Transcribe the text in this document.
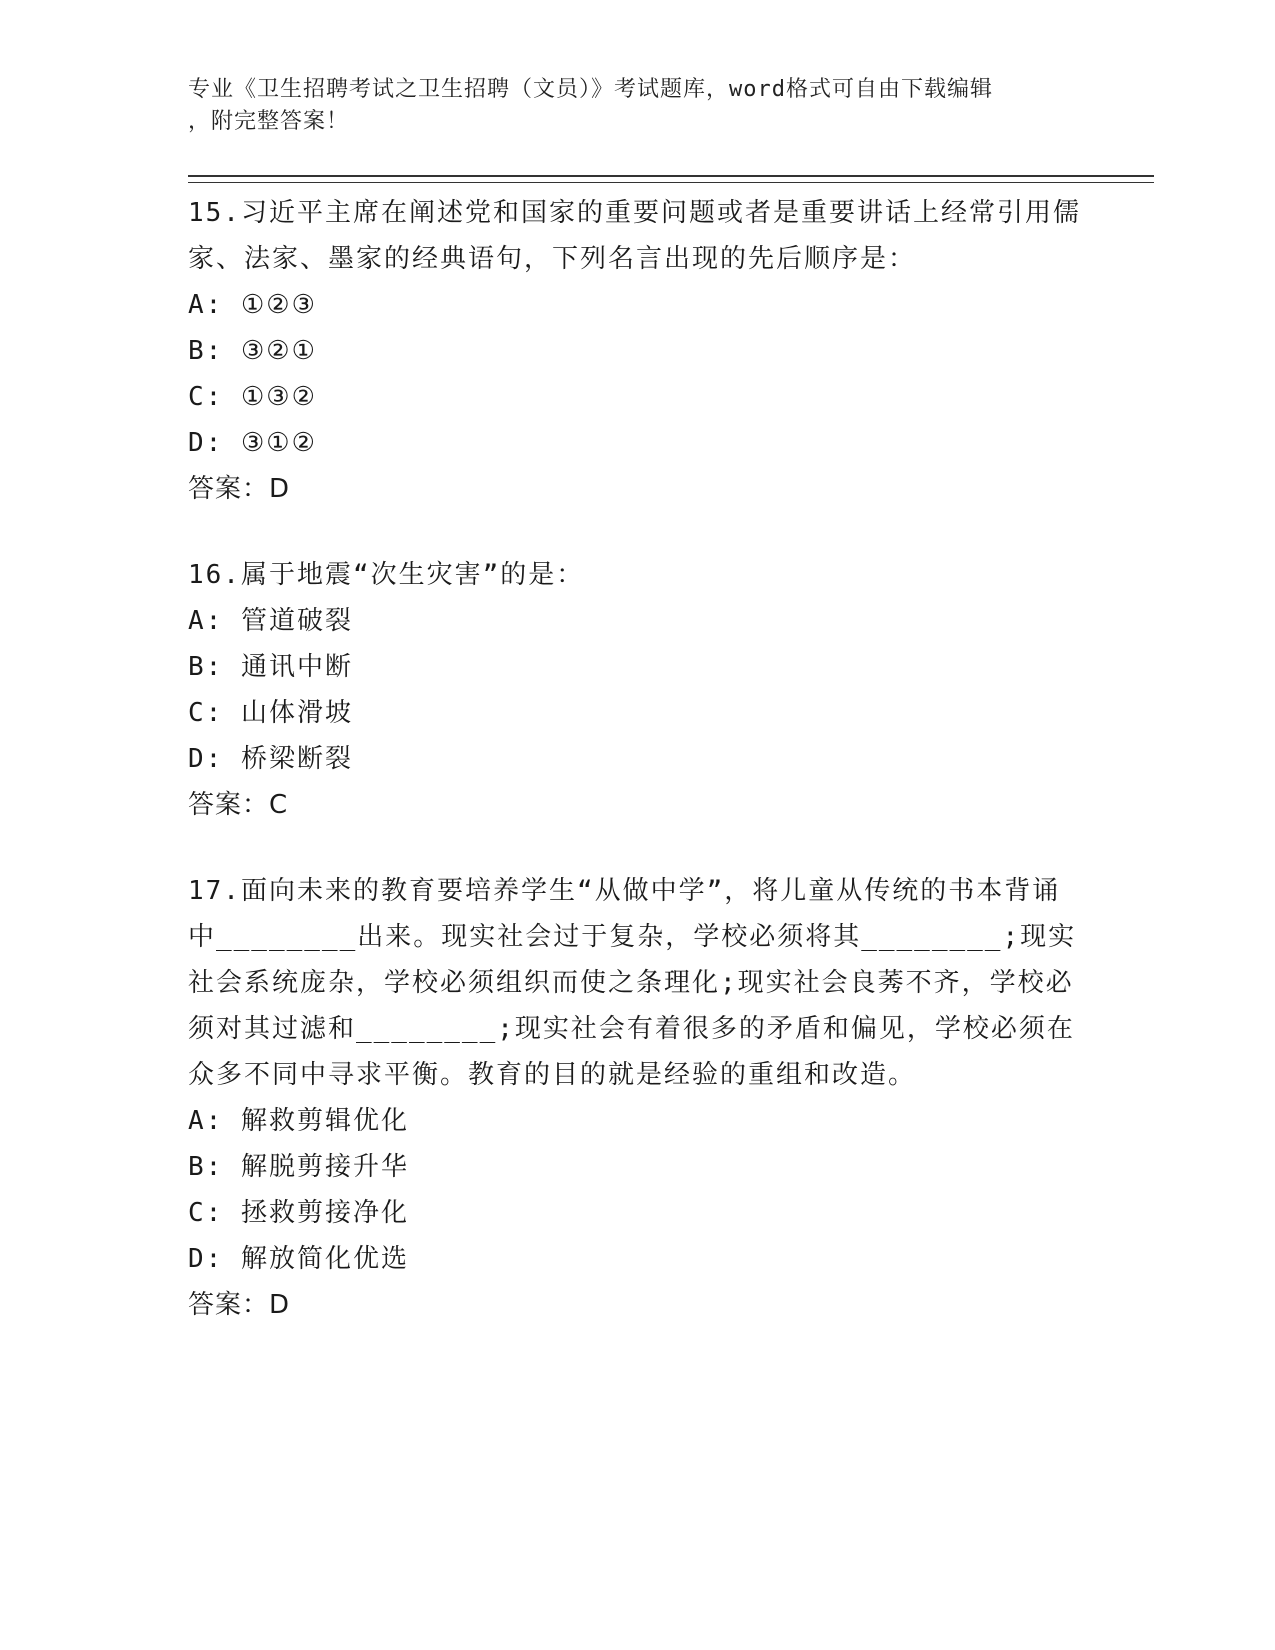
专业《卫生招聘考试之卫生招聘（文员）》考试题库，word格式可自由下载编辑
，附完整答案！

15.习近平主席在阐述党和国家的重要问题或者是重要讲话上经常引用儒家、法家、墨家的经典语句，下列名言出现的先后顺序是：

A: ①②③

B: ③②①

C: ①③②

D: ③①②

答案：D

16.属于地震“次生灾害”的是：

A: 管道破裂

B: 通讯中断

C: 山体滑坡

D: 桥梁断裂

答案：C

17.面向未来的教育要培养学生“从做中学”，将儿童从传统的书本背诵中________出来。现实社会过于复杂，学校必须将其________;现实社会系统庞杂，学校必须组织而使之条理化;现实社会良莠不齐，学校必须对其过滤和________;现实社会有着很多的矛盾和偏见，学校必须在众多不同中寻求平衡。教育的目的就是经验的重组和改造。

A: 解救剪辑优化

B: 解脱剪接升华

C: 拯救剪接净化

D: 解放简化优选

答案：D
